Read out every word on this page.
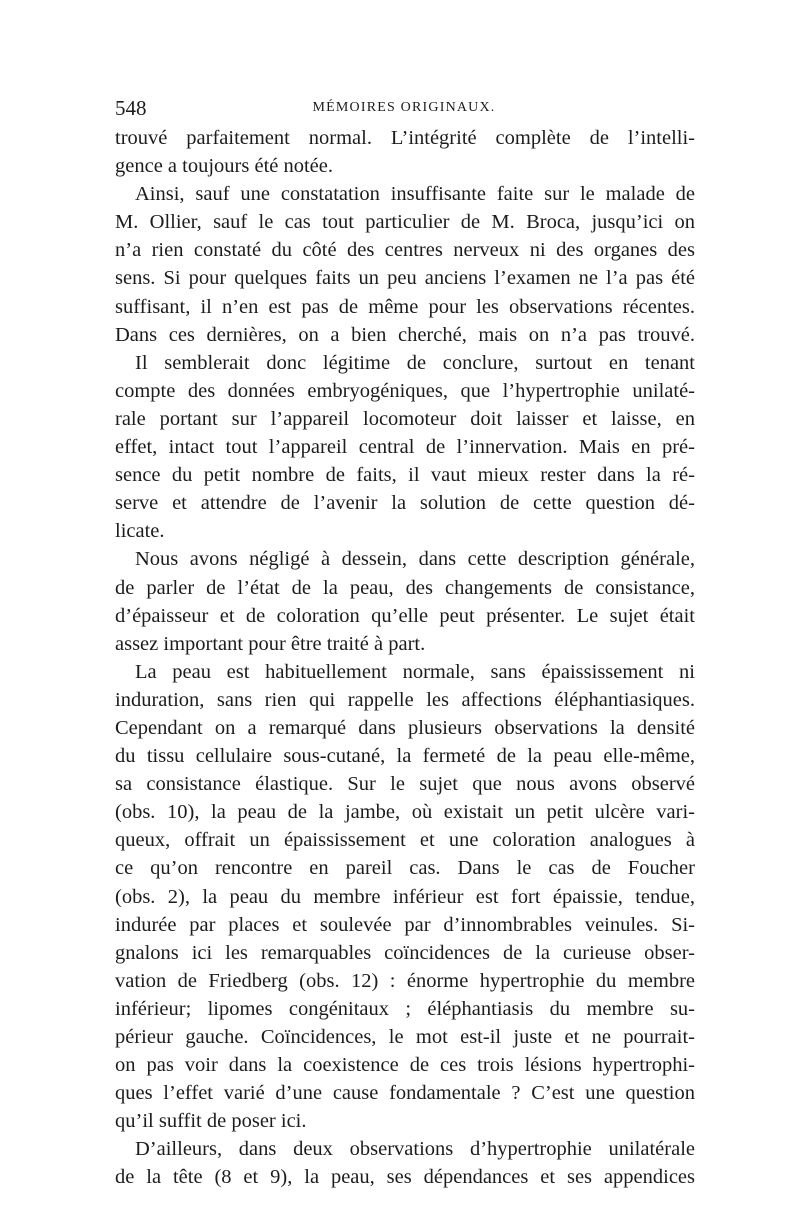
548	MÉMOIRES ORIGINAUX.
trouvé parfaitement normal. L’intégrité complète de l’intelli-
gence a toujours été notée.
Ainsi, sauf une constatation insuffisante faite sur le malade de
M. Ollier, sauf le cas tout particulier de M. Broca, jusqu’ici on
n’a rien constaté du côté des centres nerveux ni des organes des
sens. Si pour quelques faits un peu anciens l’examen ne l’a pas été
suffisant, il n’en est pas de même pour les observations récentes.
Dans ces dernières, on a bien cherché, mais on n’a pas trouvé.
Il semblerait donc légitime de conclure, surtout en tenant
compte des données embryogéniques, que l’hypertrophie unilaté-
rale portant sur l’appareil locomoteur doit laisser et laisse, en
effet, intact tout l’appareil central de l’innervation. Mais en pré-
sence du petit nombre de faits, il vaut mieux rester dans la ré-
serve et attendre de l’avenir la solution de cette question dé-
licate.
Nous avons négligé à dessein, dans cette description générale,
de parler de l’état de la peau, des changements de consistance,
d’épaisseur et de coloration qu’elle peut présenter. Le sujet était
assez important pour être traité à part.
La peau est habituellement normale, sans épaississement ni
induration, sans rien qui rappelle les affections éléphantiasiques.
Cependant on a remarqué dans plusieurs observations la densité
du tissu cellulaire sous-cutané, la fermeté de la peau elle-même,
sa consistance élastique. Sur le sujet que nous avons observé
(obs. 10), la peau de la jambe, où existait un petit ulcère vari-
queux, offrait un épaississement et une coloration analogues à
ce qu’on rencontre en pareil cas. Dans le cas de Foucher
(obs. 2), la peau du membre inférieur est fort épaissie, tendue,
indurée par places et soulevée par d’innombrables veinules. Si-
gnalons ici les remarquables coïncidences de la curieuse obser-
vation de Friedberg (obs. 12) : énorme hypertrophie du membre
inférieur; lipomes congénitaux ; éléphantiasis du membre su-
périeur gauche. Coïncidences, le mot est-il juste et ne pourrait-
on pas voir dans la coexistence de ces trois lésions hypertrophi-
ques l’effet varié d’une cause fondamentale ? C’est une question
qu’il suffit de poser ici.
D’ailleurs, dans deux observations d’hypertrophie unilatérale
de la tête (8 et 9), la peau, ses dépendances et ses appendices
